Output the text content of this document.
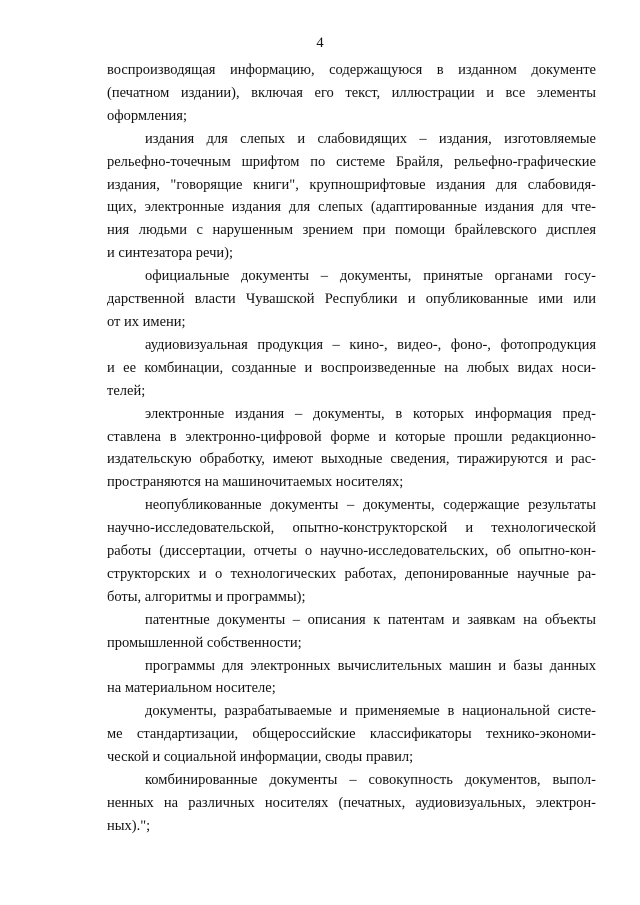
4
воспроизводящая информацию, содержащуюся в изданном документе
(печатном издании), включая его текст, иллюстрации и все элементы
оформления;
издания для слепых и слабовидящих – издания, изготовляемые
рельефно-точечным шрифтом по системе Брайля, рельефно-графические
издания, "говорящие книги", крупношрифтовые издания для слабовидя-
щих, электронные издания для слепых (адаптированные издания для чте-
ния людьми с нарушенным зрением при помощи брайлевского дисплея
и синтезатора речи);
официальные документы – документы, принятые органами госу-
дарственной власти Чувашской Республики и опубликованные ими или
от их имени;
аудиовизуальная продукция – кино-, видео-, фоно-, фотопродукция
и ее комбинации, созданные и воспроизведенные на любых видах носи-
телей;
электронные издания – документы, в которых информация пред-
ставлена в электронно-цифровой форме и которые прошли редакционно-
издательскую обработку, имеют выходные сведения, тиражируются и рас-
пространяются на машиночитаемых носителях;
неопубликованные документы – документы, содержащие результаты
научно-исследовательской, опытно-конструкторской и технологической
работы (диссертации, отчеты о научно-исследовательских, об опытно-кон-
структорских и о технологических работах, депонированные научные ра-
боты, алгоритмы и программы);
патентные документы – описания к патентам и заявкам на объекты
промышленной собственности;
программы для электронных вычислительных машин и базы данных
на материальном носителе;
документы, разрабатываемые и применяемые в национальной систе-
ме стандартизации, общероссийские классификаторы технико-экономи-
ческой и социальной информации, своды правил;
комбинированные документы – совокупность документов, выпол-
ненных на различных носителях (печатных, аудиовизуальных, электрон-
ных).";
